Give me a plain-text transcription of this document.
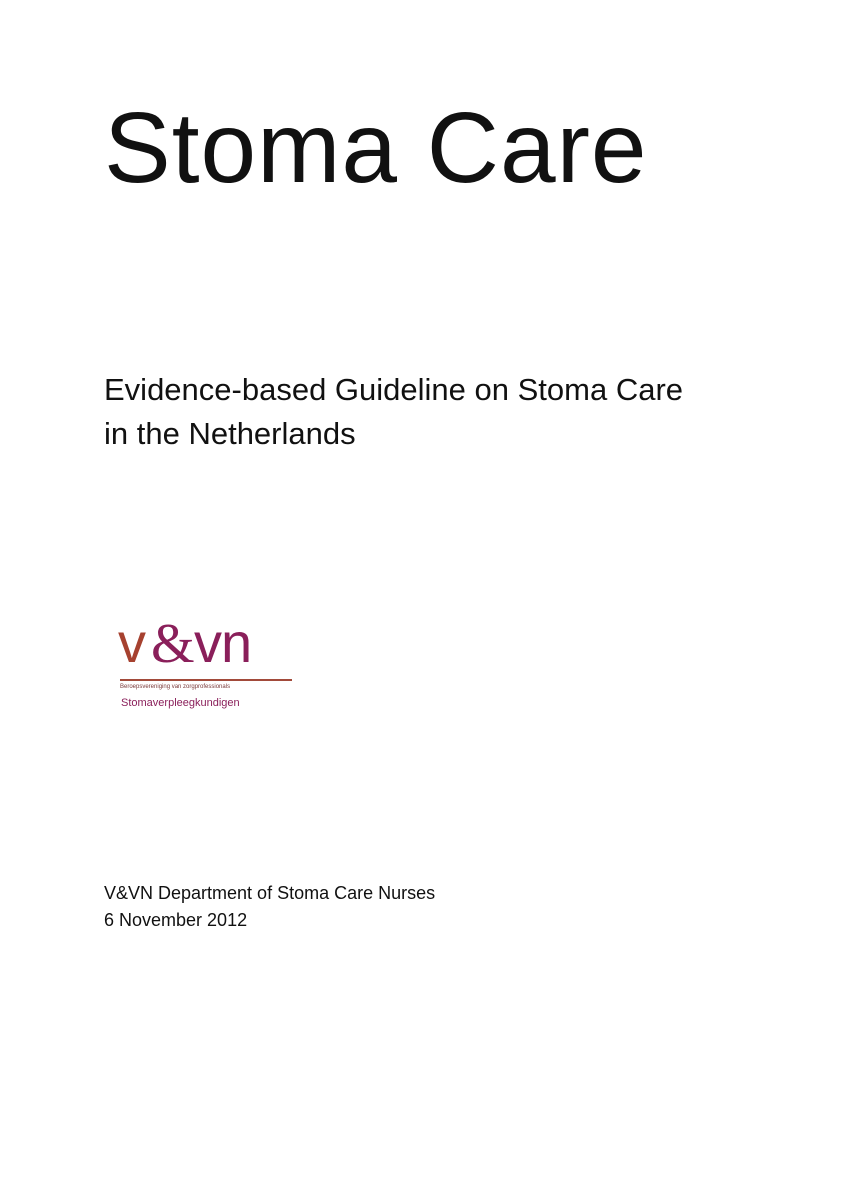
Stoma Care
Evidence-based Guideline on Stoma Care
in the Netherlands
v & vn
Beroepsvereniging van zorgprofessionals
Stomaverpleegkundigen
V&VN Department of Stoma Care Nurses
6 November 2012
